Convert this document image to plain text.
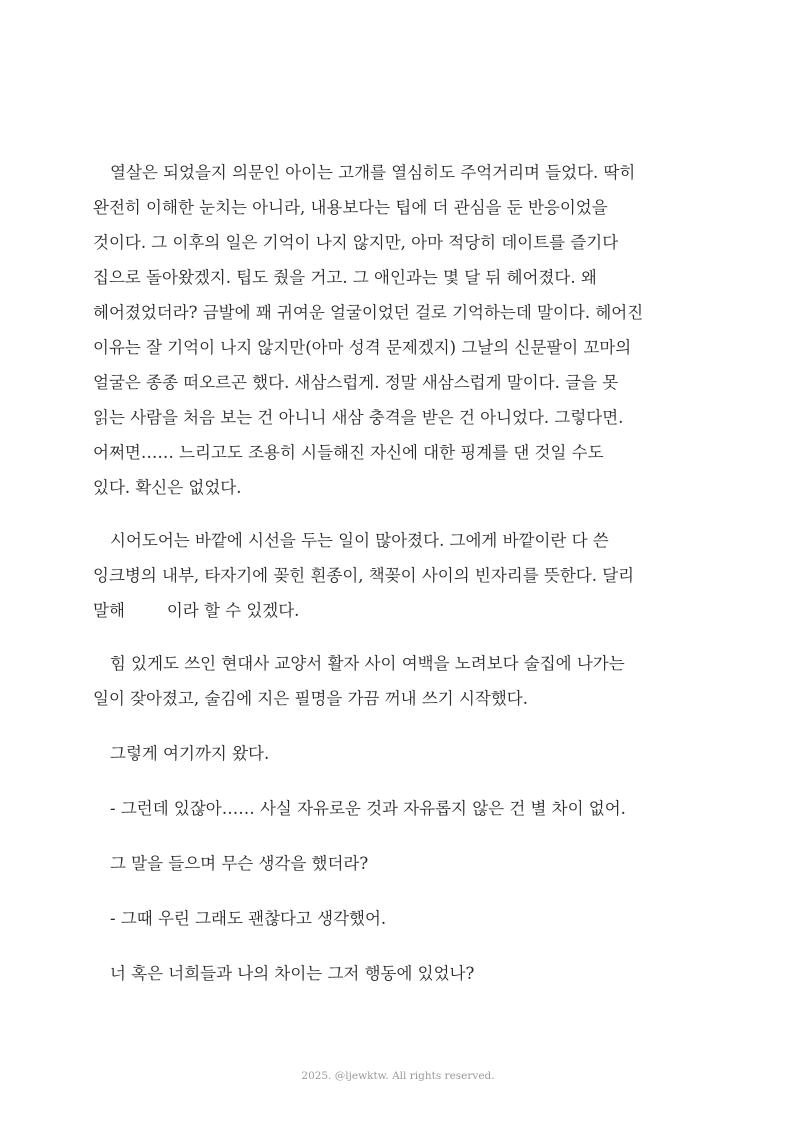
열살은 되었을지 의문인 아이는 고개를 열심히도 주억거리며 들었다. 딱히
완전히 이해한 눈치는 아니라, 내용보다는 팁에 더 관심을 둔 반응이었을
것이다. 그 이후의 일은 기억이 나지 않지만, 아마 적당히 데이트를 즐기다
집으로 돌아왔겠지. 팁도 줬을 거고. 그 애인과는 몇 달 뒤 헤어졌다. 왜
헤어졌었더라? 금발에 꽤 귀여운 얼굴이었던 걸로 기억하는데 말이다. 헤어진
이유는 잘 기억이 나지 않지만(아마 성격 문제겠지) 그날의 신문팔이 꼬마의
얼굴은 종종 떠오르곤 했다. 새삼스럽게. 정말 새삼스럽게 말이다. 글을 못
읽는 사람을 처음 보는 건 아니니 새삼 충격을 받은 건 아니었다. 그렇다면.
어쩌면…… 느리고도 조용히 시들해진 자신에 대한 핑계를 댄 것일 수도
있다. 확신은 없었다.

시어도어는 바깥에 시선을 두는 일이 많아졌다. 그에게 바깥이란 다 쓴
잉크병의 내부, 타자기에 꽂힌 흰종이, 책꽂이 사이의 빈자리를 뜻한다. 달리
말해        이라 할 수 있겠다.

힘 있게도 쓰인 현대사 교양서 활자 사이 여백을 노려보다 술집에 나가는
일이 잦아졌고, 술김에 지은 필명을 가끔 꺼내 쓰기 시작했다.

그렇게 여기까지 왔다.

- 그런데 있잖아…… 사실 자유로운 것과 자유롭지 않은 건 별 차이 없어.

그 말을 들으며 무슨 생각을 했더라?

- 그때 우린 그래도 괜찮다고 생각했어.

너 혹은 너희들과 나의 차이는 그저 행동에 있었나?

2025. @ljewktw. All rights reserved.
